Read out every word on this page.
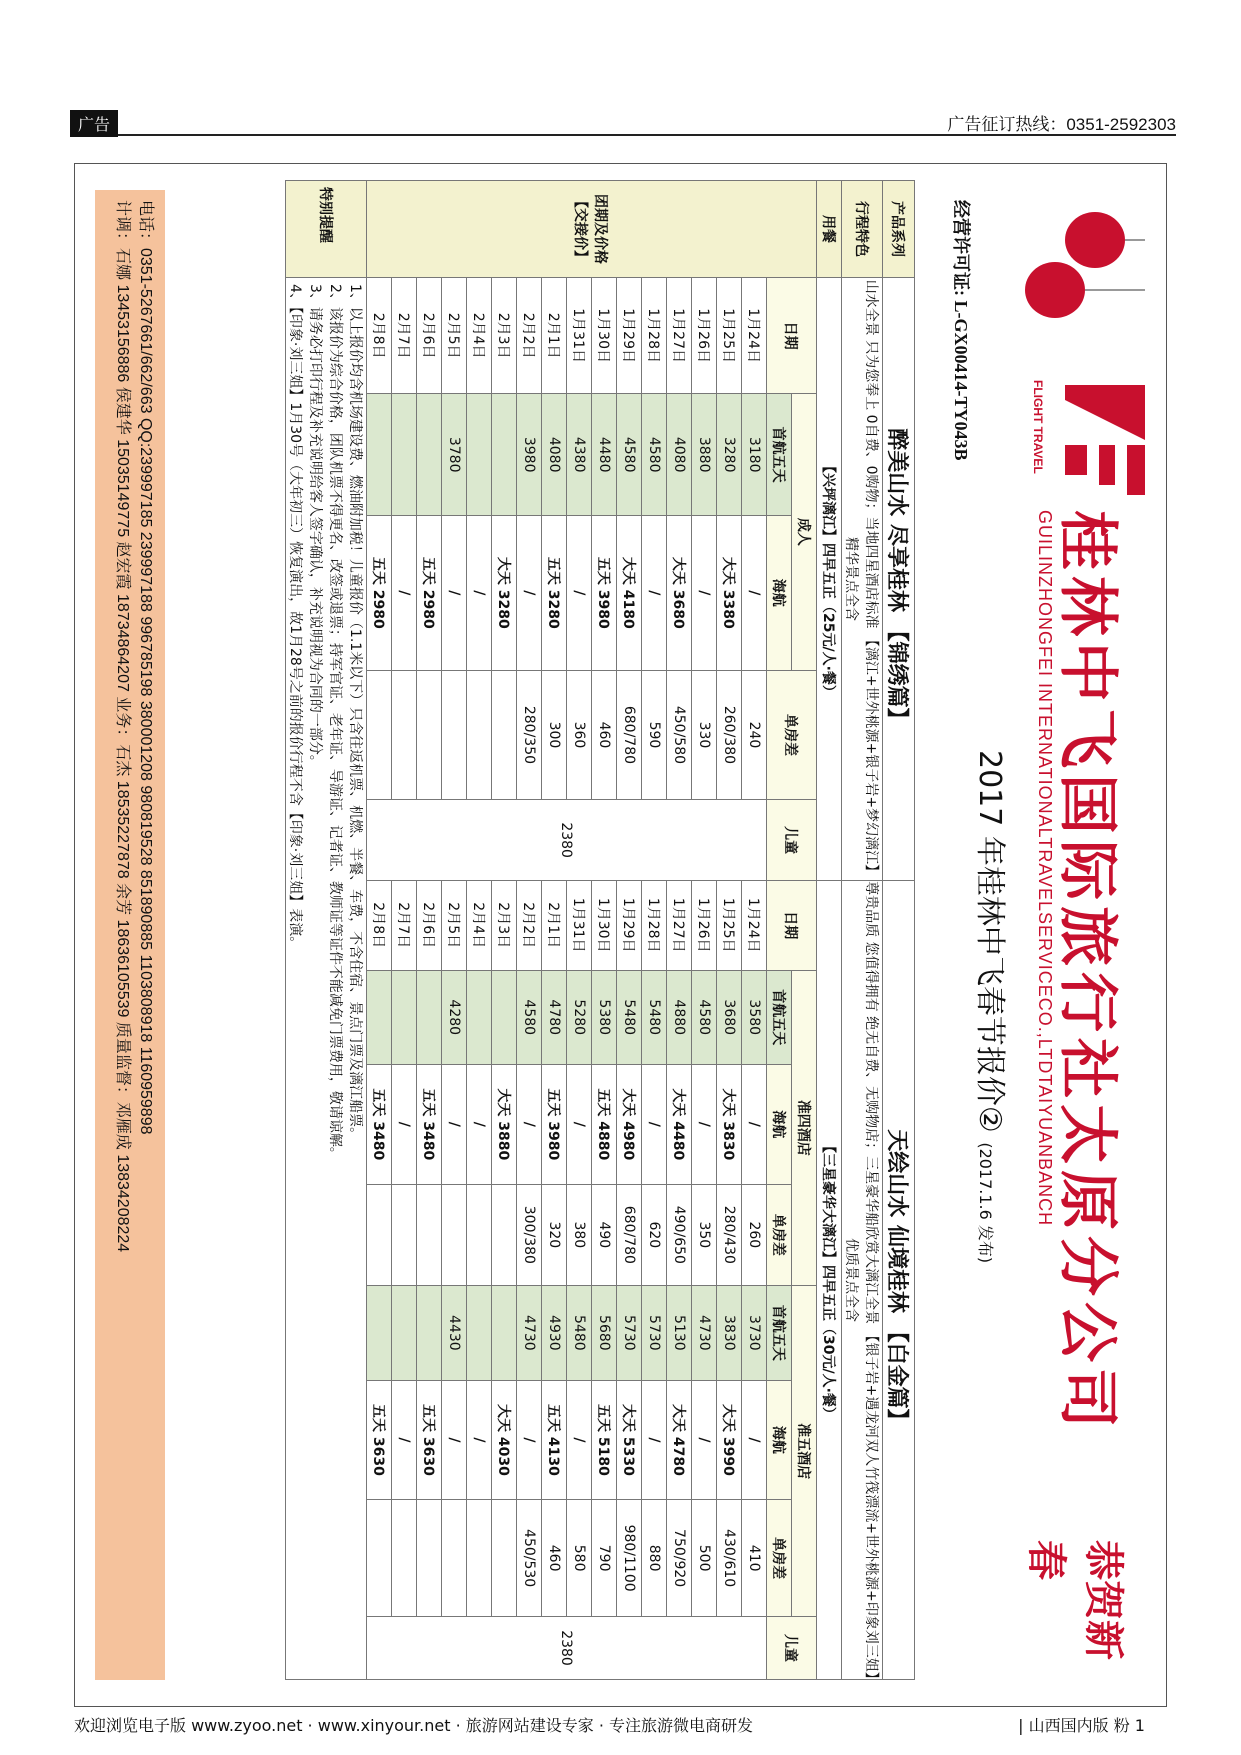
广告	广告征订热线：0351-2592303
FLIGHT TRAVEL
桂林中飞国际旅行社太原分公司
GUILINZHONGFEI INTERNATIONALTRAVELSERVICECO.,LTDTAIYUANBANCH
经营许可证: L-GX00414-TY043B
2017 年桂林中飞春节报价② (2017.1.6 发布)
恭贺新春
产品系列	醉美山水 尽享桂林 【锦绣篇】					天绘山水 仙境桂林 【白金篇】							
行程特色	山水全景 只为您奉上 0自费、0购物；当地四星酒店标准 【漓江+世外桃源+银子岩+梦幻漓江】精华景点全含					尊贵品质 您值得拥有 绝无自费、无购物店；三星豪华船欣赏大漓江全景 【银子岩+遇龙河双人竹筏漂流+世外桃源+印象刘三姐】优质景点全含							
用餐	【兴坪漓江】四早五正（25元/人·餐）					【三星豪华大漓江】四早五正（30元/人·餐）							
团期及价格【交接价】	日期	成人		单房差	儿童	日期	准四酒店			准五酒店			儿童
		首航五天	海航				首航五天	海航	单房差	首航五天	海航	单房差	
	1月24日	3180	/	240	2380	1月24日	3580	/	260	3730	/	410	2380
	1月25日	3280	大天 3380	260/380		1月25日	3680	大天 3830	280/430	3830	大天 3990	430/610	
	1月26日	3880	/	330		1月26日	4580	/	350	4730	/	500	
	1月27日	4080	大天 3680	450/580		1月27日	4880	大天 4480	490/650	5130	大天 4780	750/920	
	1月28日	4580	/	590		1月28日	5480	/	620	5730	/	880	
	1月29日	4580	大天 4180	680/780		1月29日	5480	大天 4980	680/780	5730	大天 5330	980/1100	
	1月30日	4480	五天 3980	460		1月30日	5380	五天 4880	490	5680	五天 5180	790	
	1月31日	4380	/	360		1月31日	5280	/	380	5480	/	580	
	2月1日	4080	五天 3280	300		2月1日	4780	五天 3980	320	4930	五天 4130	460	
	2月2日	3980	/	280/350		2月2日	4580	/	300/380	4730	/	450/530	
	2月3日		大天 3280			2月3日		大天 3880			大天 4030		
	2月4日		/			2月4日		/			/		
	2月5日	3780	/			2月5日	4280	/		4430	/		
	2月6日		五天 2980			2月6日		五天 3480			五天 3630		
	2月7日		/			2月7日		/			/		
	2月8日		五天 2980			2月8日		五天 3480			五天 3630		
特别提醒	1、以上报价均含机场建设费、燃油附加税！儿童报价（1.1米以下）只含往返机票、机燃、半餐、车费，不含住宿、景点门票及漓江船票。
2、该报价为综合价格，团队机票不得更名、改签或退票；持军官证、老年证、导游证、记者证、教师证等证件不能减免门票费用，敬请谅解。
3、请务必打印行程及补充说明给客人签字确认，补充说明视为合同的一部分。
4、【印象·刘三姐】1月30号（大年初三）恢复演出，故1月28号之前的报价行程不含【印象·刘三姐】表演。												
电话：0351-5267661/662/663 QQ:239997185 239997188 996785198 380001208 980819528 851890885 1103808918 1160959898
计调：石娜 13453156886 侯建华 15035149775 赵宏霞 18734864207 业务：石杰 18535227878 余芳 18636105539 质量监督：邓雁成 13834208224
欢迎浏览电子版 www.zyoo.net · www.xinyour.net · 旅游网站建设专家 · 专注旅游微电商研发	| 山西国内版 粉 1
